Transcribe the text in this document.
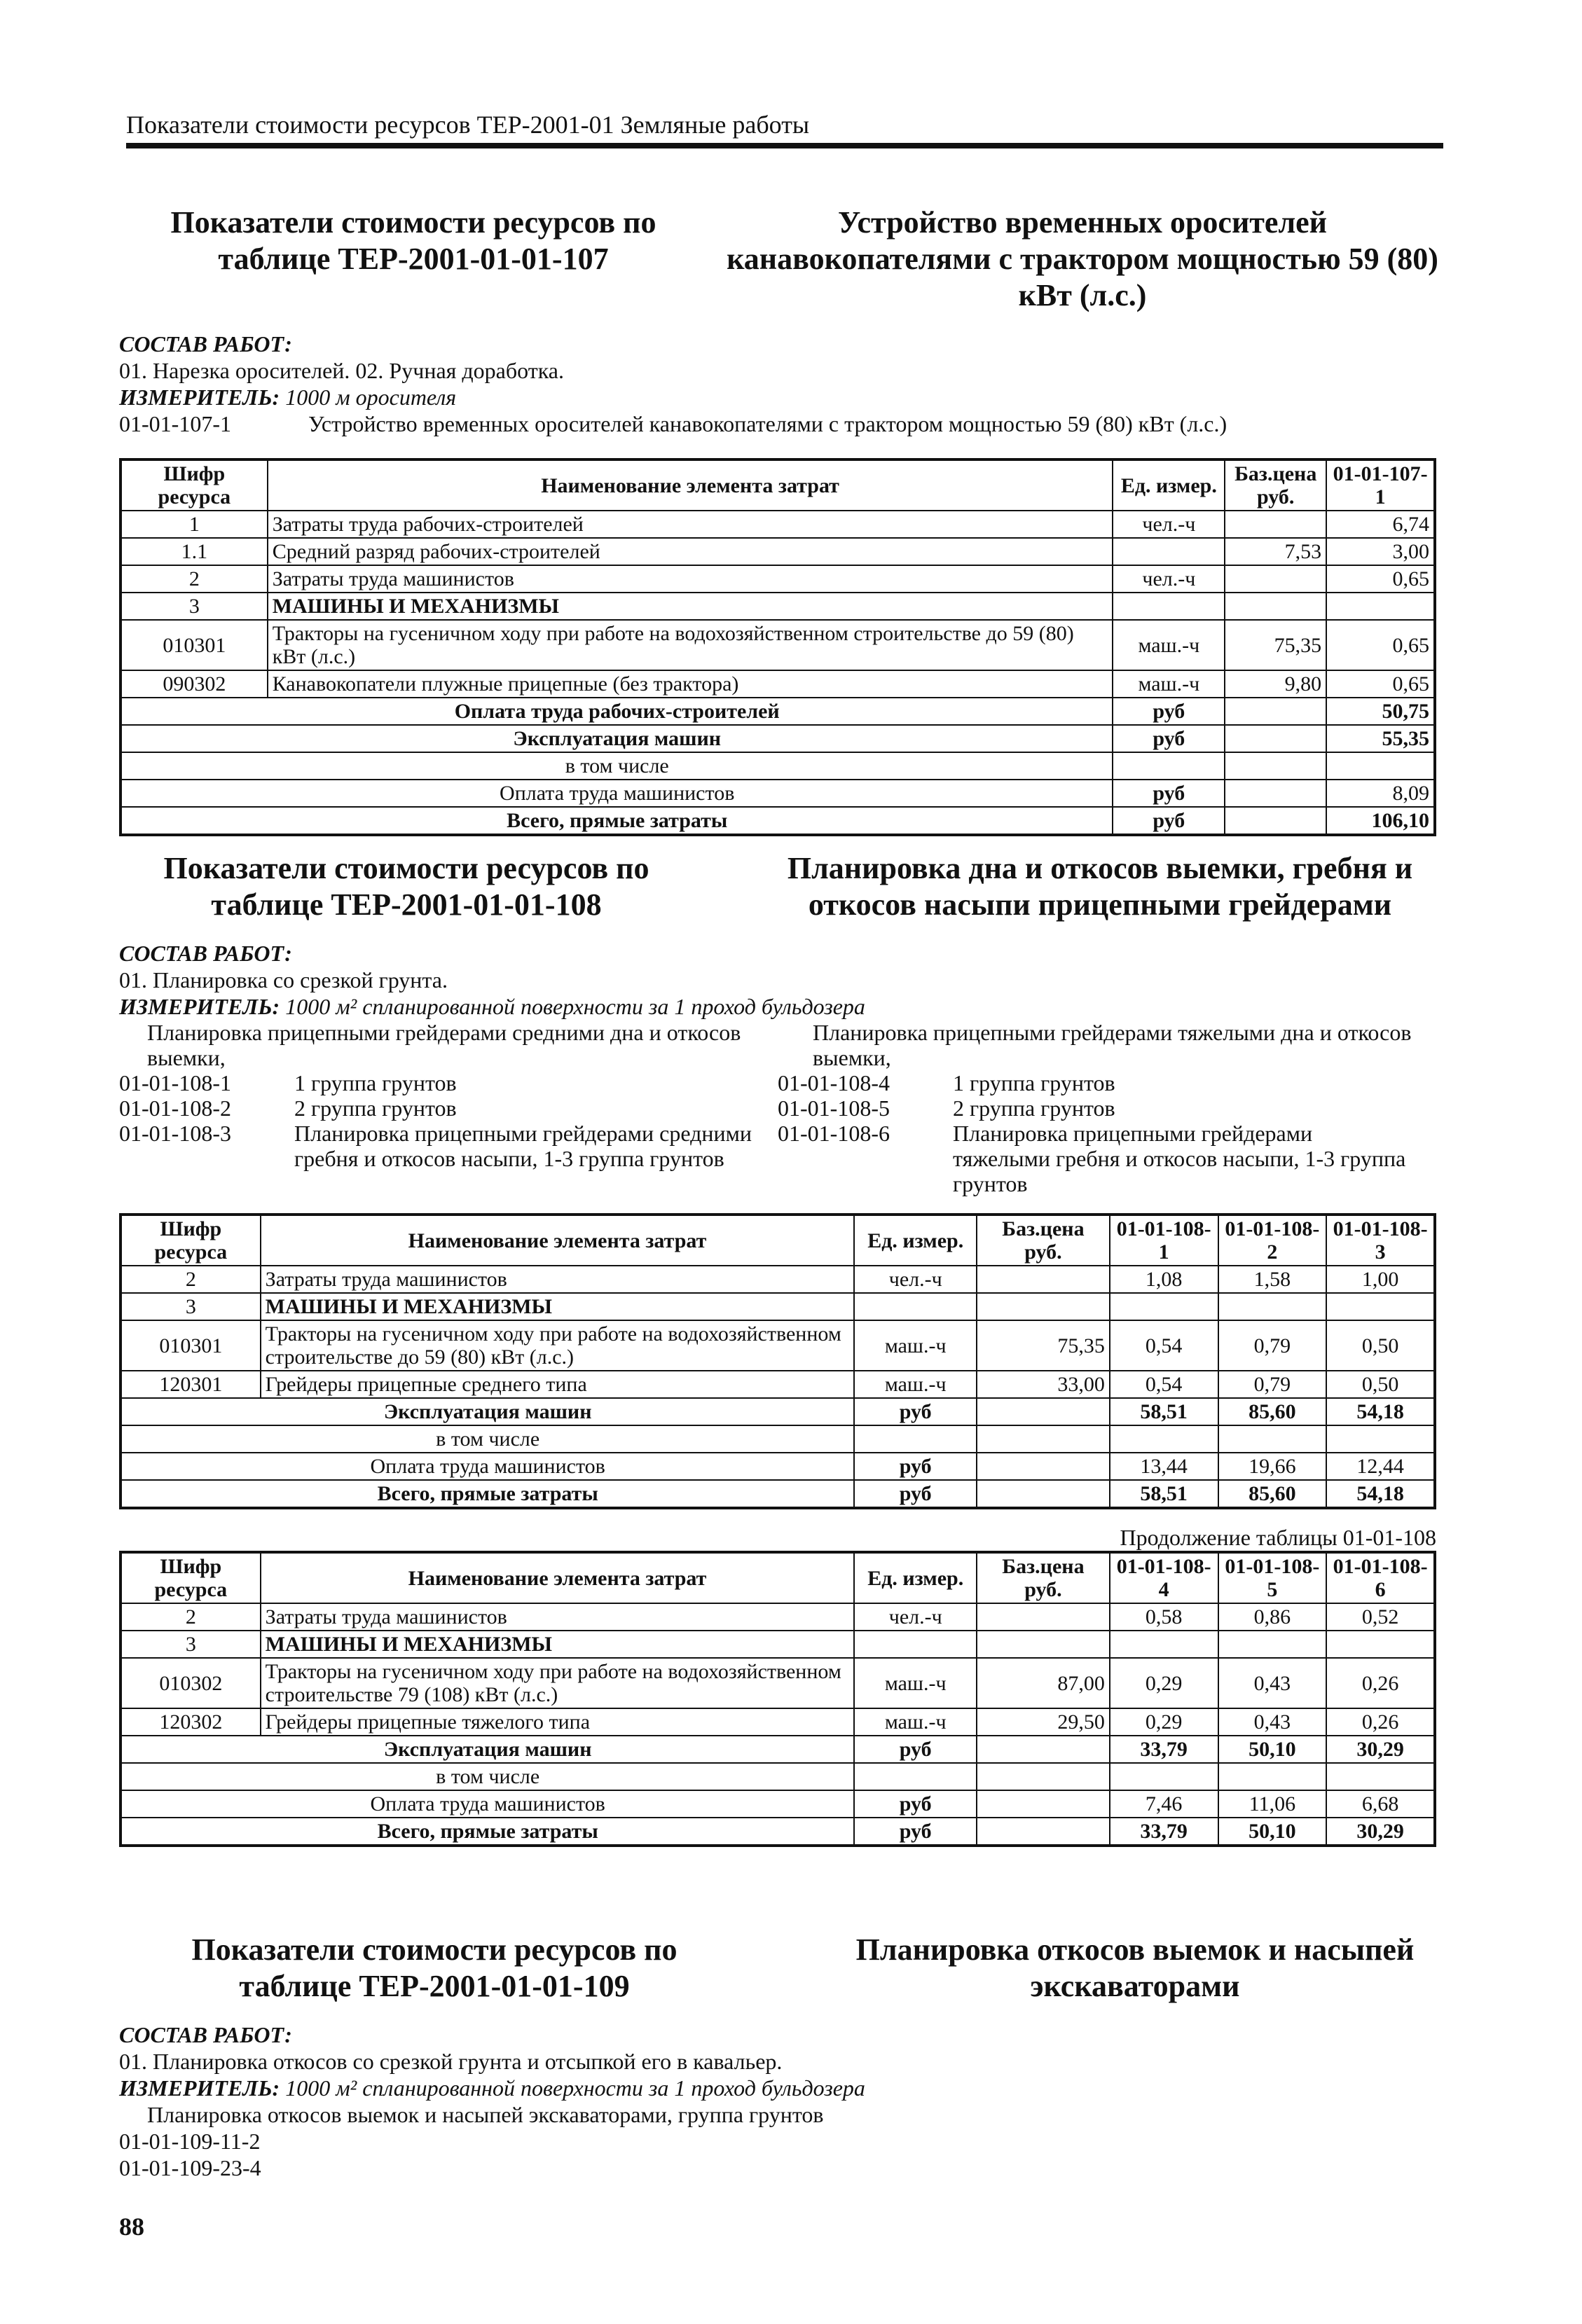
Показатели стоимости ресурсов ТЕР-2001-01 Земляные работы
Показатели стоимости ресурсов по таблице ТЕР-2001-01-01-107
Устройство временных оросителей канавокопателями с трактором мощностью 59 (80) кВт (л.с.)
СОСТАВ РАБОТ:
01. Нарезка оросителей. 02. Ручная доработка.
ИЗМЕРИТЕЛЬ: 1000 м оросителя
01-01-107-1	Устройство временных оросителей канавокопателями с трактором мощностью 59 (80) кВт (л.с.)
Шифр ресурса	Наименование элемента затрат	Ед. измер.	Баз.цена руб.	01-01-107-1
1	Затраты труда рабочих-строителей	чел.-ч		6,74
1.1	Средний разряд рабочих-строителей		7,53	3,00
2	Затраты труда машинистов	чел.-ч		0,65
3	МАШИНЫ И МЕХАНИЗМЫ			
010301	Тракторы на гусеничном ходу при работе на водохозяйственном строительстве до 59 (80) кВт (л.с.)	маш.-ч	75,35	0,65
090302	Канавокопатели плужные прицепные (без трактора)	маш.-ч	9,80	0,65
Оплата труда рабочих-строителей		руб		50,75
Эксплуатация машин		руб		55,35
в том числе				
Оплата труда машинистов		руб		8,09
Всего, прямые затраты		руб		106,10
Показатели стоимости ресурсов по таблице ТЕР-2001-01-01-108
Планировка дна и откосов выемки, гребня и откосов насыпи прицепными грейдерами
СОСТАВ РАБОТ:
01. Планировка со срезкой грунта.
ИЗМЕРИТЕЛЬ: 1000 м² спланированной поверхности за 1 проход бульдозера
Планировка прицепными грейдерами средними дна и откосов выемки,
01-01-108-1	1 группа грунтов
01-01-108-2	2 группа грунтов
01-01-108-3	Планировка прицепными грейдерами средними гребня и откосов насыпи, 1-3 группа грунтов
Планировка прицепными грейдерами тяжелыми дна и откосов выемки,
01-01-108-4	1 группа грунтов
01-01-108-5	2 группа грунтов
01-01-108-6	Планировка прицепными грейдерами тяжелыми гребня и откосов насыпи, 1-3 группа грунтов
Шифр ресурса	Наименование элемента затрат	Ед. измер.	Баз.цена руб.	01-01-108-1	01-01-108-2	01-01-108-3
2	Затраты труда машинистов	чел.-ч		1,08	1,58	1,00
3	МАШИНЫ И МЕХАНИЗМЫ					
010301	Тракторы на гусеничном ходу при работе на водохозяйственном строительстве до 59 (80) кВт (л.с.)	маш.-ч	75,35	0,54	0,79	0,50
120301	Грейдеры прицепные среднего типа	маш.-ч	33,00	0,54	0,79	0,50
Эксплуатация машин		руб		58,51	85,60	54,18
в том числе						
Оплата труда машинистов		руб		13,44	19,66	12,44
Всего, прямые затраты		руб		58,51	85,60	54,18
Продолжение таблицы 01-01-108
Шифр ресурса	Наименование элемента затрат	Ед. измер.	Баз.цена руб.	01-01-108-4	01-01-108-5	01-01-108-6
2	Затраты труда машинистов	чел.-ч		0,58	0,86	0,52
3	МАШИНЫ И МЕХАНИЗМЫ					
010302	Тракторы на гусеничном ходу при работе на водохозяйственном строительстве 79 (108) кВт (л.с.)	маш.-ч	87,00	0,29	0,43	0,26
120302	Грейдеры прицепные тяжелого типа	маш.-ч	29,50	0,29	0,43	0,26
Эксплуатация машин		руб		33,79	50,10	30,29
в том числе						
Оплата труда машинистов		руб		7,46	11,06	6,68
Всего, прямые затраты		руб		33,79	50,10	30,29
Показатели стоимости ресурсов по таблице ТЕР-2001-01-01-109
Планировка откосов выемок и насыпей экскаваторами
СОСТАВ РАБОТ:
01. Планировка откосов со срезкой грунта и отсыпкой его в кавальер.
ИЗМЕРИТЕЛЬ: 1000 м² спланированной поверхности за 1 проход бульдозера
Планировка откосов выемок и насыпей экскаваторами, группа грунтов
01-01-109-11-2
01-01-109-23-4
88
